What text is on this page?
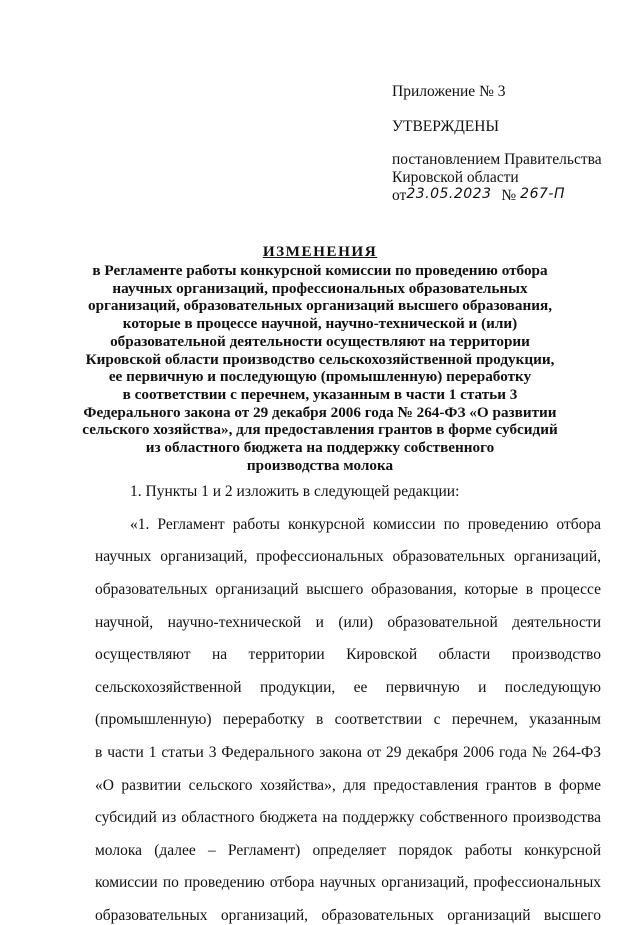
Приложение № 3
УТВЕРЖДЕНЫ
постановлением Правительства
Кировской области
от23.05.2023 № 267-П
ИЗМЕНЕНИЯ
в Регламенте работы конкурсной комиссии по проведению отбора
научных организаций, профессиональных образовательных
организаций, образовательных организаций высшего образования,
которые в процессе научной, научно-технической и (или)
образовательной деятельности осуществляют на территории
Кировской области производство сельскохозяйственной продукции,
ее первичную и последующую (промышленную) переработку
в соответствии с перечнем, указанным в части 1 статьи 3
Федерального закона от 29 декабря 2006 года № 264-ФЗ «О развитии
сельского хозяйства», для предоставления грантов в форме субсидий
из областного бюджета на поддержку собственного
производства молока
1. Пункты 1 и 2 изложить в следующей редакции:
«1. Регламент работы конкурсной комиссии по проведению отбора
научных организаций, профессиональных образовательных организаций,
образовательных организаций высшего образования, которые в процессе
научной, научно-технической и (или) образовательной деятельности
осуществляют на территории Кировской области производство
сельскохозяйственной продукции, ее первичную и последующую
(промышленную) переработку в соответствии с перечнем, указанным
в части 1 статьи 3 Федерального закона от 29 декабря 2006 года № 264-ФЗ
«О развитии сельского хозяйства», для предоставления грантов в форме
субсидий из областного бюджета на поддержку собственного производства
молока (далее – Регламент) определяет порядок работы конкурсной
комиссии по проведению отбора научных организаций, профессиональных
образовательных организаций, образовательных организаций высшего
